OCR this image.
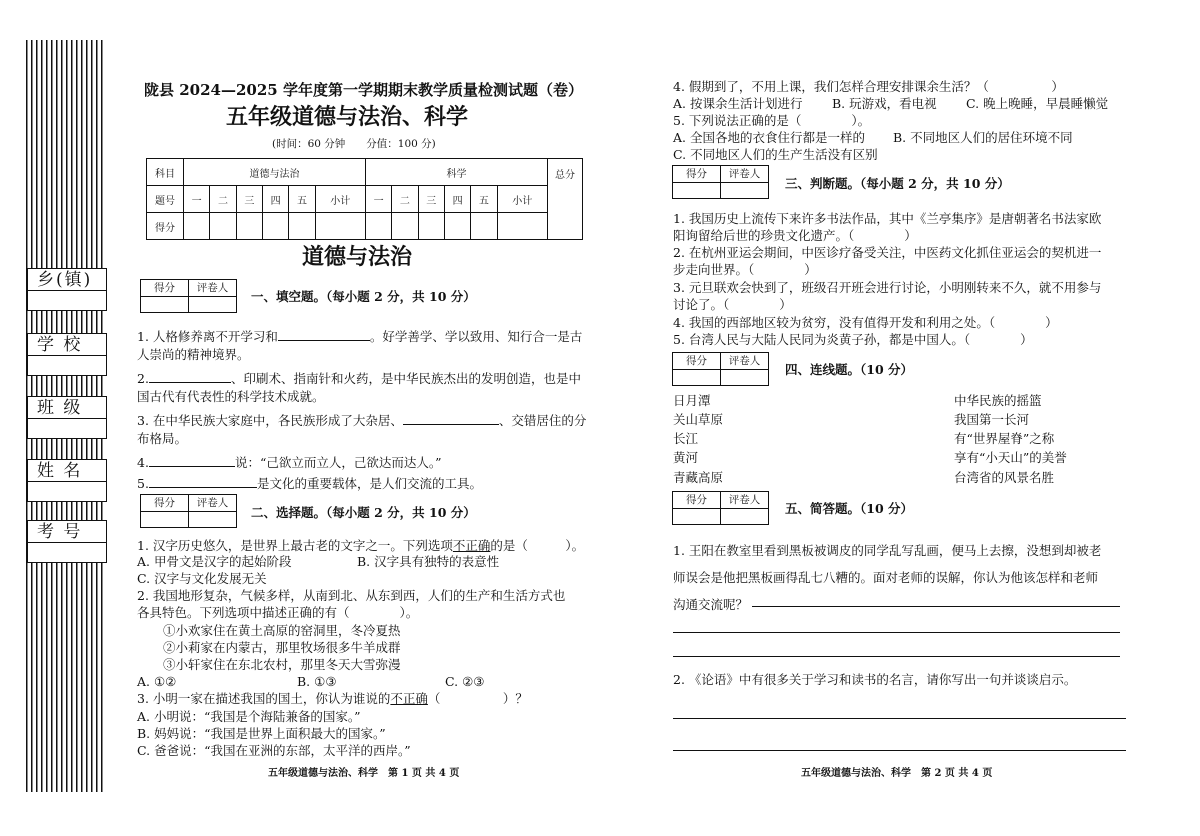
乡(镇)
学 校
班 级
姓 名
考 号
陇县 2024—2025 学年度第一学期期末教学质量检测试题（卷）
五年级道德与法治、科学
(时间：60 分钟　　分值：100 分)
科目	道德与法治						科学						总分
题号	一	二	三	四	五	小计	一	二	三	四	五	小计	
得分													
道德与法治
得分	评卷人
一、填空题。（每小题 2 分，共 10 分）
1. 人格修养离不开学习和	。好学善学、学以致用、知行合一是古
人崇尚的精神境界。
2.	、印刷术、指南针和火药，是中华民族杰出的发明创造，也是中
国古代有代表性的科学技术成就。
3. 在中华民族大家庭中，各民族形成了大杂居、	、交错居住的分
布格局。
4.	说：“己欲立而立人，己欲达而达人。”
5.	是文化的重要载体，是人们交流的工具。
得分	评卷人
二、选择题。（每小题 2 分，共 10 分）
1. 汉字历史悠久，是世界上最古老的文字之一。下列选项不正确的是（　　　）。
A. 甲骨文是汉字的起始阶段	B. 汉字具有独特的表意性
C. 汉字与文化发展无关
2. 我国地形复杂，气候多样，从南到北、从东到西，人们的生产和生活方式也
各具特色。下列选项中描述正确的有（　　　　）。
①小欢家住在黄土高原的窑洞里，冬冷夏热
②小莉家在内蒙古，那里牧场很多牛羊成群
③小轩家住在东北农村，那里冬天大雪弥漫
A. ①②	B. ①③	C. ②③
3. 小明一家在描述我国的国土，你认为谁说的不正确（　　　　　）？
A. 小明说：“我国是个海陆兼备的国家。”
B. 妈妈说：“我国是世界上面积最大的国家。”
C. 爸爸说：“我国在亚洲的东部，太平洋的西岸。”
五年级道德与法治、科学　第 1 页 共 4 页
4. 假期到了，不用上课，我们怎样合理安排课余生活？（　　　　　）
A. 按课余生活计划进行 B. 玩游戏，看电视 C. 晚上晚睡，早晨睡懒觉
5. 下列说法正确的是（　　　　）。
A. 全国各地的衣食住行都是一样的 B. 不同地区人们的居住环境不同
C. 不同地区人们的生产生活没有区别
得分	评卷人
三、判断题。（每小题 2 分，共 10 分）
1. 我国历史上流传下来许多书法作品，其中《兰亭集序》是唐朝著名书法家欧
阳询留给后世的珍贵文化遗产。（　　　　）
2. 在杭州亚运会期间，中医诊疗备受关注，中医药文化抓住亚运会的契机进一
步走向世界。（　　　　）
3. 元旦联欢会快到了，班级召开班会进行讨论，小明刚转来不久，就不用参与
讨论了。（　　　　）
4. 我国的西部地区较为贫穷，没有值得开发和利用之处。（　　　　）
5. 台湾人民与大陆人民同为炎黄子孙，都是中国人。（　　　　）
得分	评卷人
四、连线题。（10 分）
日月潭
关山草原
长江
黄河
青藏高原
中华民族的摇篮
我国第一长河
有“世界屋脊”之称
享有“小天山”的美誉
台湾省的风景名胜
得分	评卷人
五、简答题。（10 分）
1. 王阳在教室里看到黑板被调皮的同学乱写乱画，便马上去擦，没想到却被老
师误会是他把黑板画得乱七八糟的。面对老师的误解，你认为他该怎样和老师
沟通交流呢？
2. 《论语》中有很多关于学习和读书的名言，请你写出一句并谈谈启示。
五年级道德与法治、科学　第 2 页 共 4 页
